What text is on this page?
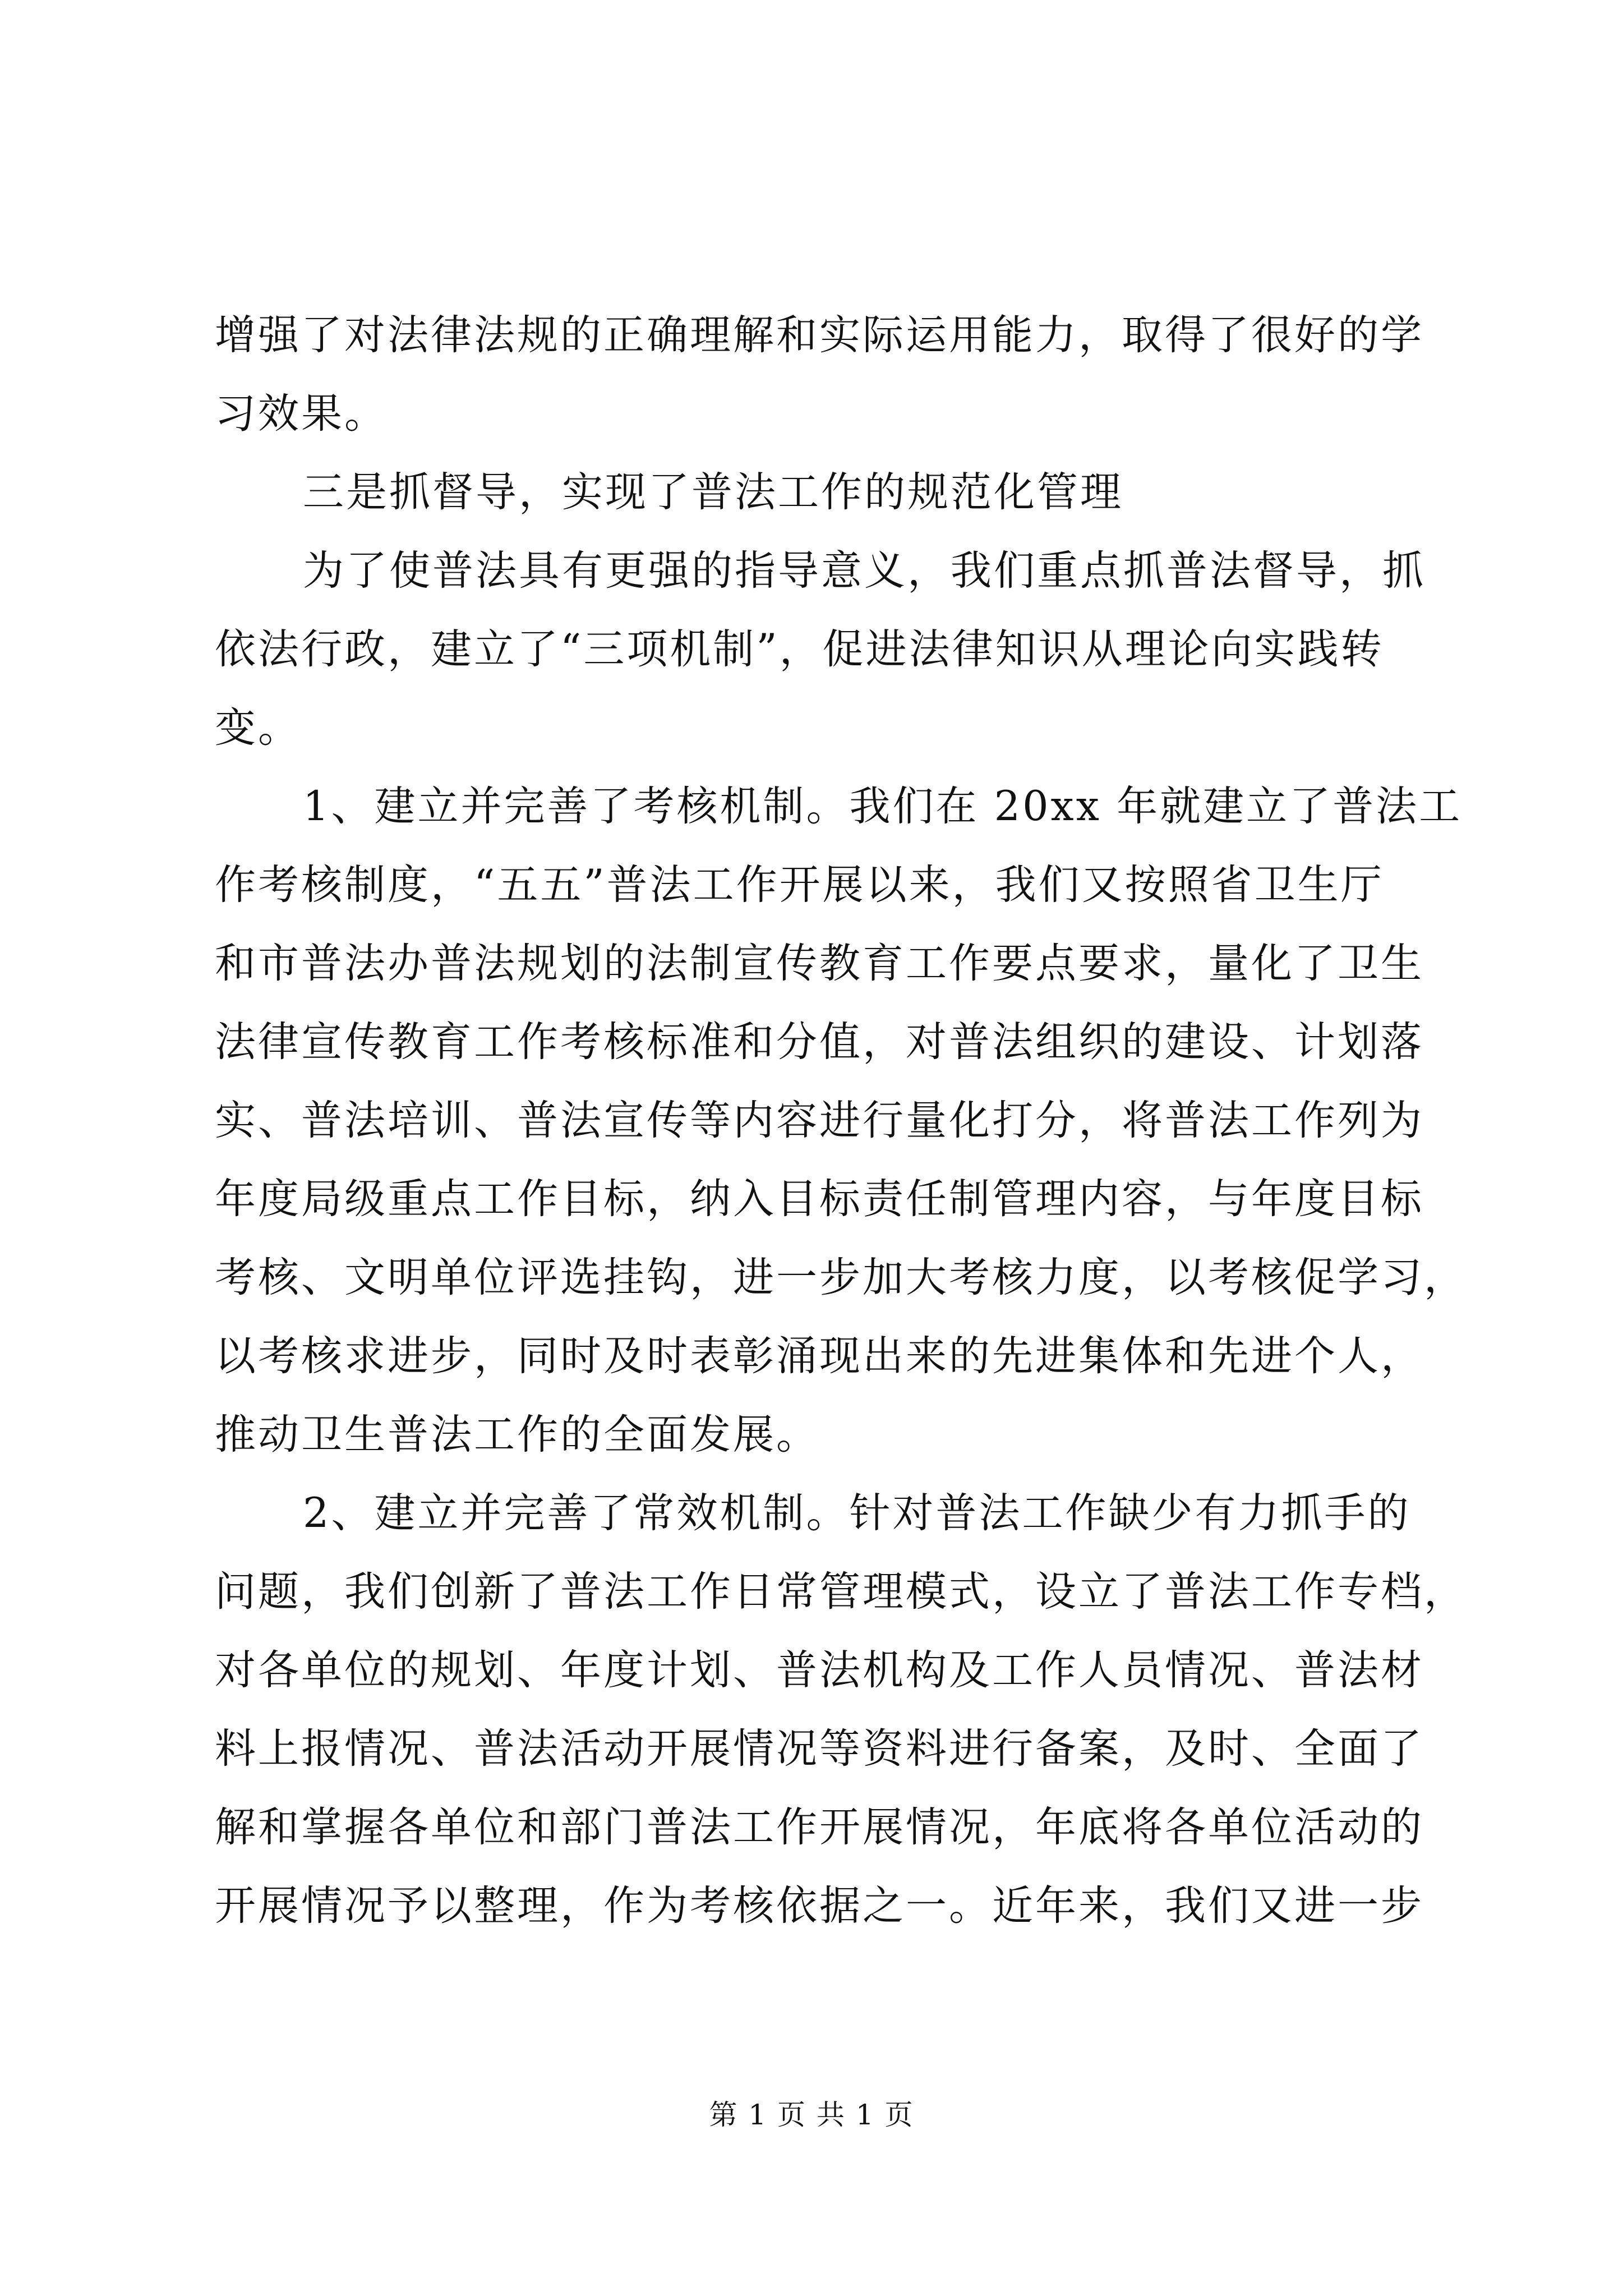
增强了对法律法规的正确理解和实际运用能力，取得了很好的学
习效果。

三是抓督导，实现了普法工作的规范化管理

为了使普法具有更强的指导意义，我们重点抓普法督导，抓
依法行政，建立了“三项机制”，促进法律知识从理论向实践转
变。

1、建立并完善了考核机制。我们在 20xx 年就建立了普法工
作考核制度，“五五”普法工作开展以来，我们又按照省卫生厅
和市普法办普法规划的法制宣传教育工作要点要求，量化了卫生
法律宣传教育工作考核标准和分值，对普法组织的建设、计划落
实、普法培训、普法宣传等内容进行量化打分，将普法工作列为
年度局级重点工作目标，纳入目标责任制管理内容，与年度目标
考核、文明单位评选挂钩，进一步加大考核力度，以考核促学习，
以考核求进步，同时及时表彰涌现出来的先进集体和先进个人，
推动卫生普法工作的全面发展。

2、建立并完善了常效机制。针对普法工作缺少有力抓手的
问题，我们创新了普法工作日常管理模式，设立了普法工作专档，
对各单位的规划、年度计划、普法机构及工作人员情况、普法材
料上报情况、普法活动开展情况等资料进行备案，及时、全面了
解和掌握各单位和部门普法工作开展情况，年底将各单位活动的
开展情况予以整理，作为考核依据之一。近年来，我们又进一步

第 1 页 共 1 页
